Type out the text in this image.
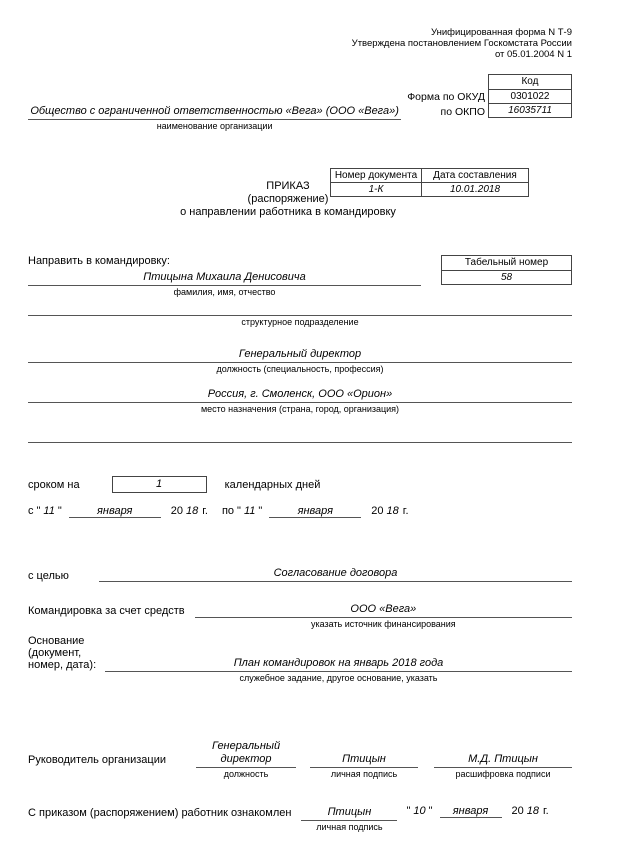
Унифицированная форма N Т-9
Утверждена постановлением Госкомстата России
от 05.01.2004 N 1
Общество с ограниченной ответственностью «Вега» (ООО «Вега»)
наименование организации
Форма по ОКУД
по ОКПО
Код
0301022
16035711
ПРИКАЗ
(распоряжение)
о направлении работника в командировку
Номер документа	Дата составления
1-К	10.01.2018
Направить в командировку:
Птицына Михаила Денисовича
фамилия, имя, отчество
Табельный номер
58
структурное подразделение
Генеральный директор
должность (специальность, профессия)
Россия, г. Смоленск, ООО «Орион»
место назначения (страна, город, организация)
сроком на	1	календарных дней
с " 11 "	января	20 18 г. по " 11 "	января	20 18 г.
с целью	Согласование договора
Командировка за счет средств	ООО «Вега»
указать источник финансирования
Основание
(документ,
номер, дата):	План командировок на январь 2018 года
служебное задание, другое основание, указать
Руководитель организации
Генеральный
директор
должность
Птицын
личная подпись
М.Д. Птицын
расшифровка подписи
С приказом (распоряжением) работник ознакомлен	Птицын
личная подпись
" 10 "	января	20 18 г.
